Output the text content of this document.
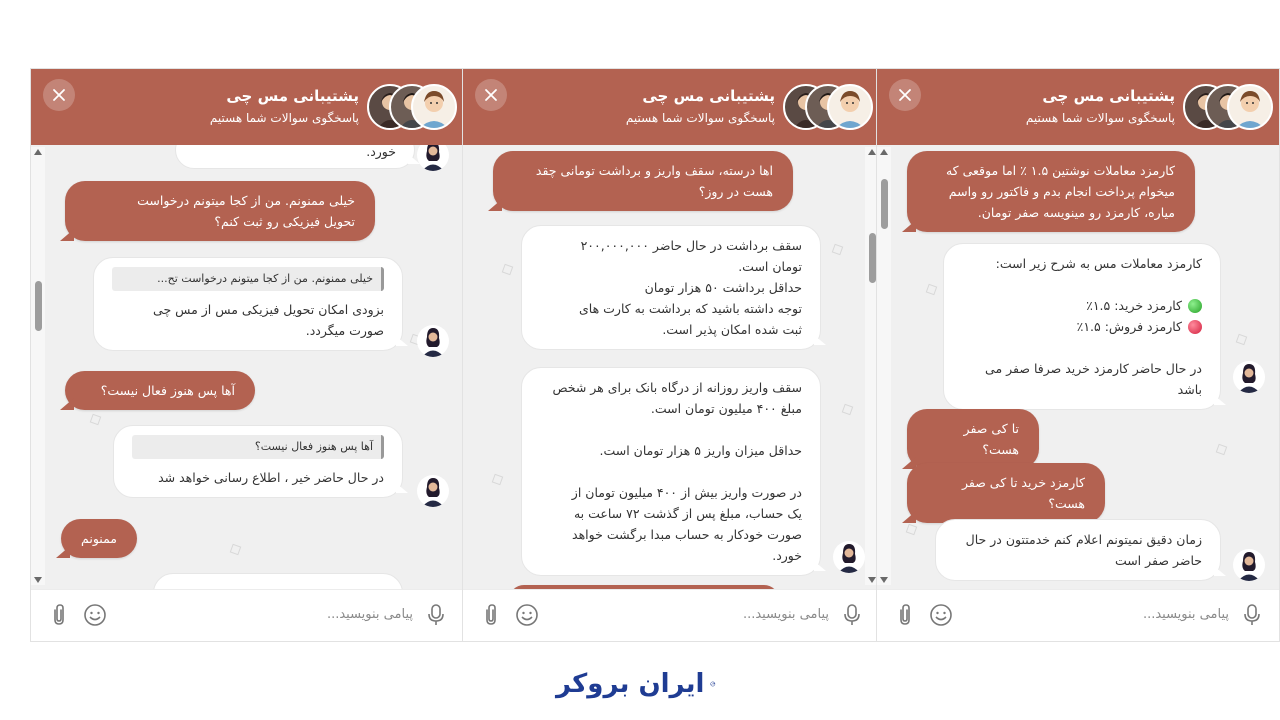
پشتیبانی مس چی
پاسخگوی سوالات شما هستیم
خورد.
خیلی ممنونم. من از کجا میتونم درخواست
تحویل فیزیکی رو ثبت کنم؟
خیلی ممنونم. من از کجا میتونم درخواست تح...
بزودی امکان تحویل فیزیکی مس از مس چی
صورت میگردد.
آها پس هنوز فعال نیست؟
آها پس هنوز فعال نیست؟
در حال حاضر خیر ، اطلاع رسانی خواهد شد
ممنونم
پیامی بنویسید...
پشتیبانی مس چی
پاسخگوی سوالات شما هستیم
اها درسته، سقف واریز و برداشت تومانی چقد
هست در روز؟
سقف برداشت در حال حاضر ۲۰۰,۰۰۰,۰۰۰
تومان است.
حداقل برداشت ۵۰ هزار تومان
توجه داشته باشید که برداشت به کارت های
ثبت شده امکان پذیر است.
سقف واریز روزانه از درگاه بانک برای هر شخص
مبلغ ۴۰۰ میلیون تومان است.
حداقل میزان واریز ۵ هزار تومان است.
در صورت واریز بیش از ۴۰۰ میلیون تومان از
یک حساب، مبلغ پس از گذشت ۷۲ ساعت به
صورت خودکار به حساب مبدا برگشت خواهد
خورد.
پیامی بنویسید...
پشتیبانی مس چی
پاسخگوی سوالات شما هستیم
کارمزد معاملات نوشتین ۱.۵ ٪ اما موقعی که
میخوام پرداخت انجام بدم و فاکتور رو واسم
میاره، کارمزد رو مینویسه صفر تومان.
کارمزد معاملات مس به شرح زیر است:
کارمزد خرید: ۱.۵٪
کارمزد فروش: ۱.۵٪
در حال حاضر کارمزد خرید صرفا صفر می باشد
تا کی صفر هست؟
کارمزد خرید تا کی صفر هست؟
زمان دقیق نمیتونم اعلام کنم خدمتتون در حال
حاضر صفر است
پیامی بنویسید...
ایران بروکر
